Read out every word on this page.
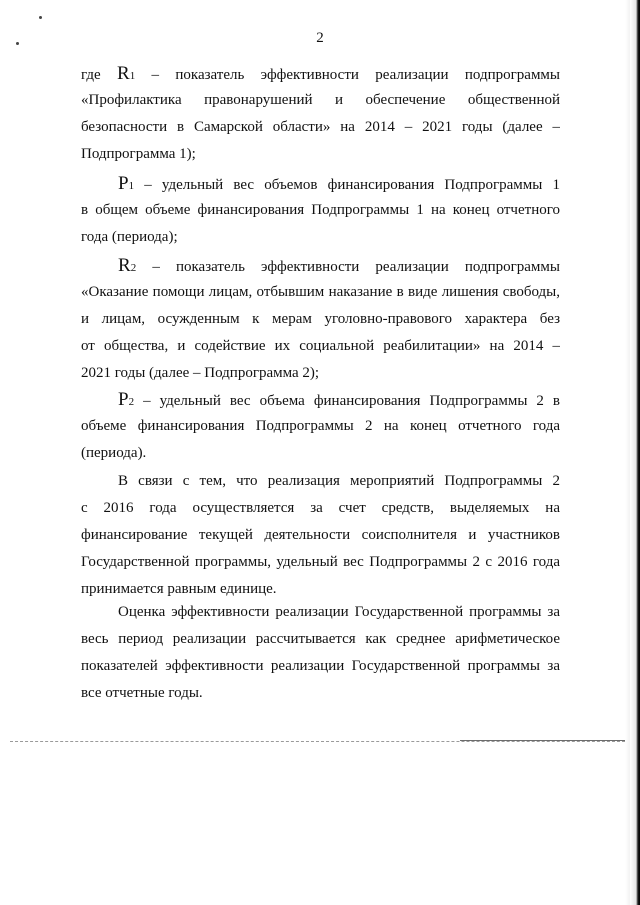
2
где R1 – показатель эффективности реализации подпрограммы
«Профилактика правонарушений и обеспечение общественной
безопасности в Самарской области» на 2014 – 2021 годы (далее –
Подпрограмма 1);
P1 – удельный вес объемов финансирования Подпрограммы 1
в общем объеме финансирования Подпрограммы 1 на конец отчетного
года (периода);
R2 – показатель эффективности реализации подпрограммы
«Оказание помощи лицам, отбывшим наказание в виде лишения свободы,
и лицам, осужденным к мерам уголовно-правового характера без
от общества, и содействие их социальной реабилитации» на 2014 –
2021 годы (далее – Подпрограмма 2);
P2 – удельный вес объема финансирования Подпрограммы 2 в
объеме финансирования Подпрограммы 2 на конец отчетного года
(периода).
В связи с тем, что реализация мероприятий Подпрограммы 2
с 2016 года осуществляется за счет средств, выделяемых на
финансирование текущей деятельности соисполнителя и участников
Государственной программы, удельный вес Подпрограммы 2 с 2016 года
принимается равным единице.
Оценка эффективности реализации Государственной программы за
весь период реализации рассчитывается как среднее арифметическое
показателей эффективности реализации Государственной программы за
все отчетные годы.
